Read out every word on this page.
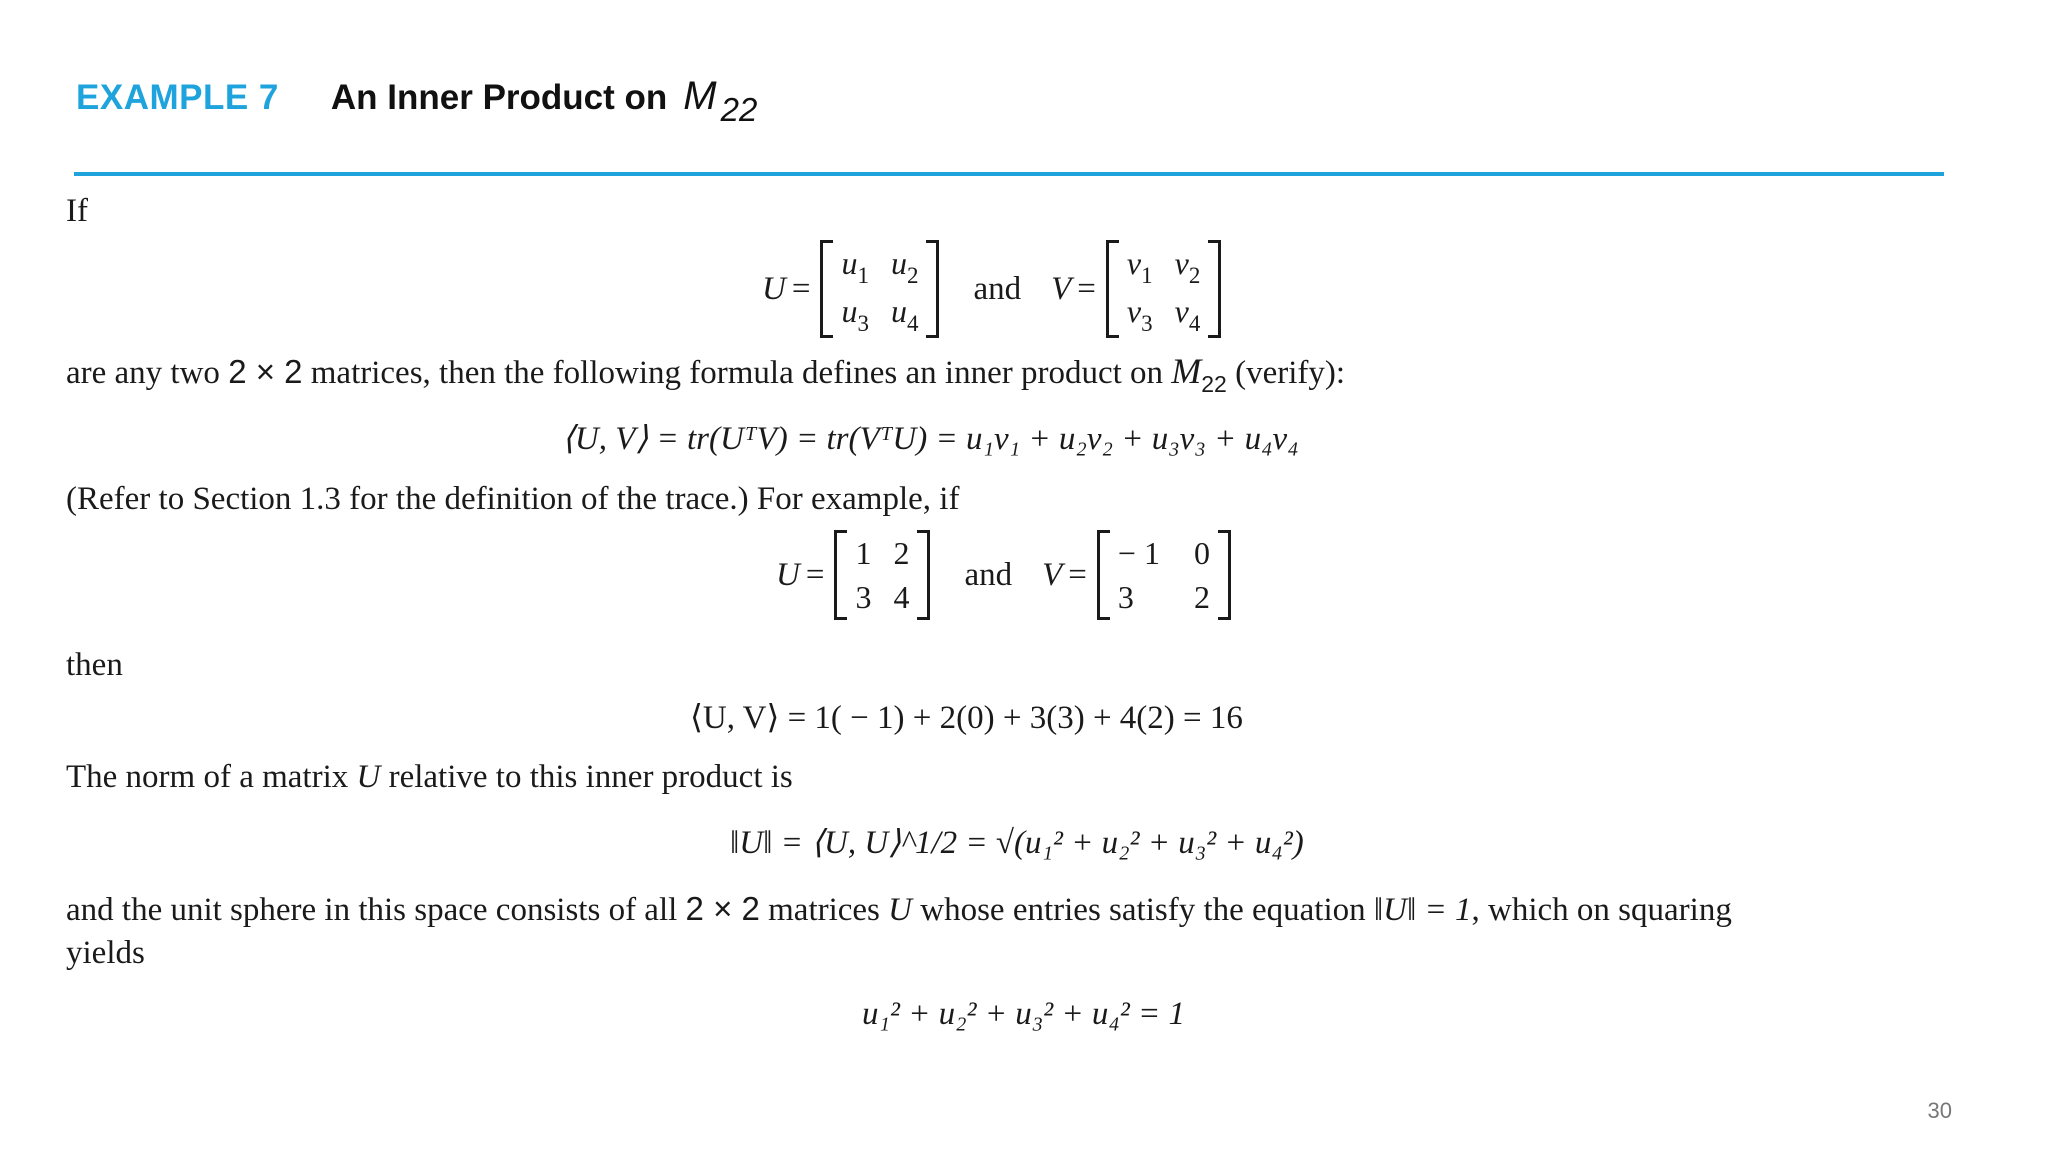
EXAMPLE 7 An Inner Product on M $_{22}$
If
U =
$u_1$ $u_2$
$u_3$ $u_4$
and V =
$v_1$ $v_2$
$v_3$ $v_4$
are any two 2 × 2 matrices, then the following formula defines an inner product on $M_{22}$ (verify):
⟨U, V⟩ = tr(UᵀV) = tr(VᵀU) = u₁v₁ + u₂v₂ + u₃v₃ + u₄v₄
(Refer to Section 1.3 for the definition of the trace.) For example, if
U =
1 2
3 4
and V =
− 1 0
3	2
then
⟨U, V⟩ = 1( − 1) + 2(0) + 3(3) + 4(2) = 16
The norm of a matrix U relative to this inner product is
‖U‖ = ⟨U, U⟩^1/2 = √(u₁² + u₂² + u₃² + u₄²)
and the unit sphere in this space consists of all 2 × 2 matrices U whose entries satisfy the equation ‖U‖ = 1, which on squaring
yields
u₁² + u₂² + u₃² + u₄² = 1
30
